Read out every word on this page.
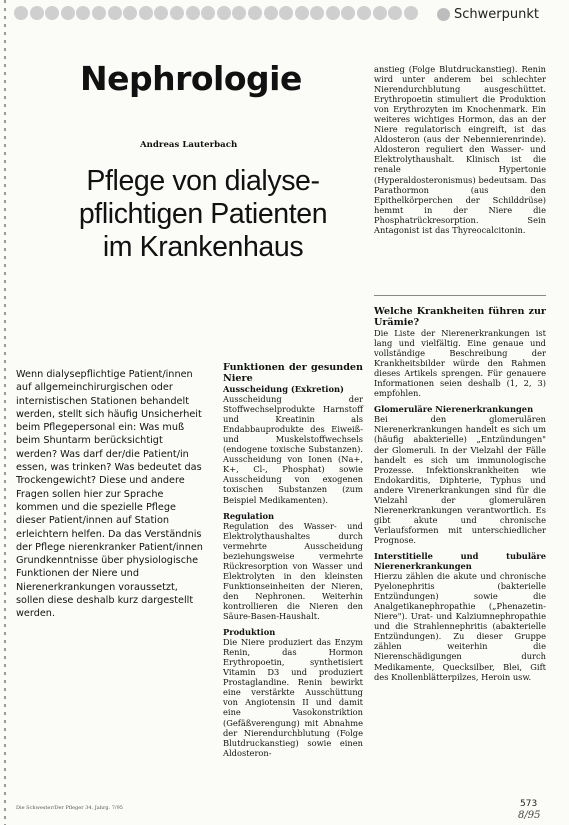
Schwerpunkt
Nephrologie
Andreas Lauterbach
Pflege von dialyse-
pflichtigen Patienten
im Krankenhaus

Wenn dialysepflichtige Patient/innen auf allgemeinchirurgischen oder internistischen Stationen behandelt werden, stellt sich häufig Unsicherheit beim Pflegepersonal ein: Was muß beim Shuntarm berücksichtigt werden? Was darf der/die Patient/in essen, was trinken? Was bedeutet das Trockengewicht? Diese und andere Fragen sollen hier zur Sprache kommen und die spezielle Pflege dieser Patient/innen auf Station erleichtern helfen. Da das Verständnis der Pflege nierenkranker Patient/innen Grundkenntnisse über physiologische Funktionen der Niere und Nierenerkrankungen voraussetzt, sollen diese deshalb kurz dargestellt werden.

Funktionen der gesunden Niere
Ausscheidung (Exkretion)

Ausscheidung der Stoffwechselprodukte Harnstoff und Kreatinin als Endabbauprodukte des Eiweiß- und Muskelstoffwechsels (endogene toxische Substanzen). Ausscheidung von Ionen (Na+, K+, Cl-, Phosphat) sowie Ausscheidung von exogenen toxischen Substanzen (zum Beispiel Medikamenten).

Regulation

Regulation des Wasser- und Elektrolythaushaltes durch vermehrte Ausscheidung beziehungsweise vermehrte Rückresorption von Wasser und Elektrolyten in den kleinsten Funktionseinheiten der Nieren, den Nephronen. Weiterhin kontrollieren die Nieren den Säure-Basen-Haushalt.

Produktion

Die Niere produziert das Enzym Renin, das Hormon Erythropoetin, synthetisiert Vitamin D3 und produziert Prostaglandine. Renin bewirkt eine verstärkte Ausschüttung von Angiotensin II und damit eine Vasokonstriktion (Gefäßverengung) mit Abnahme der Nierendurchblutung (Folge Blutdruckanstieg) sowie einen Aldosteron-

anstieg (Folge Blutdruckanstieg). Renin wird unter anderem bei schlechter Nierendurchblutung ausgeschüttet. Erythropoetin stimuliert die Produktion von Erythrozyten im Knochenmark. Ein weiteres wichtiges Hormon, das an der Niere regulatorisch eingreift, ist das Aldosteron (aus der Nebennierenrinde). Aldosteron reguliert den Wasser- und Elektrolythaushalt. Klinisch ist die renale Hypertonie (Hyperaldosteronismus) bedeutsam. Das Parathormon (aus den Epithelkörperchen der Schilddrüse) hemmt in der Niere die Phosphatrückresorption. Sein Antagonist ist das Thyreocalcitonin.

Welche Krankheiten führen zur Urämie?

Die Liste der Nierenerkrankungen ist lang und vielfältig. Eine genaue und vollständige Beschreibung der Krankheitsbilder würde den Rahmen dieses Artikels sprengen. Für genauere Informationen seien deshalb (1, 2, 3) empfohlen.

Glomeruläre Nierenerkrankungen

Bei den glomerulären Nierenerkrankungen handelt es sich um (häufig abakterielle) „Entzündungen" der Glomeruli. In der Vielzahl der Fälle handelt es sich um immunologische Prozesse. Infektionskrankheiten wie Endokarditis, Diphterie, Typhus und andere Virenerkrankungen sind für die Vielzahl der glomerulären Nierenerkrankungen verantwortlich. Es gibt akute und chronische Verlaufsformen mit unterschiedlicher Prognose.

Interstitielle und tubuläre Nierenerkrankungen

Hierzu zählen die akute und chronische Pyelonephritis (bakterielle Entzündungen) sowie die Analgetikanephropathie („Phenazetin-Niere"). Urat- und Kalziumnephropathie und die Strahlennephritis (abakterielle Entzündungen). Zu dieser Gruppe zählen weiterhin die Nierenschädigungen durch Medikamente, Quecksilber, Blei, Gift des Knollenblätterpilzes, Heroin usw.

Die Schwester/Der Pfleger 34. Jahrg. 7/95	573
8/95
